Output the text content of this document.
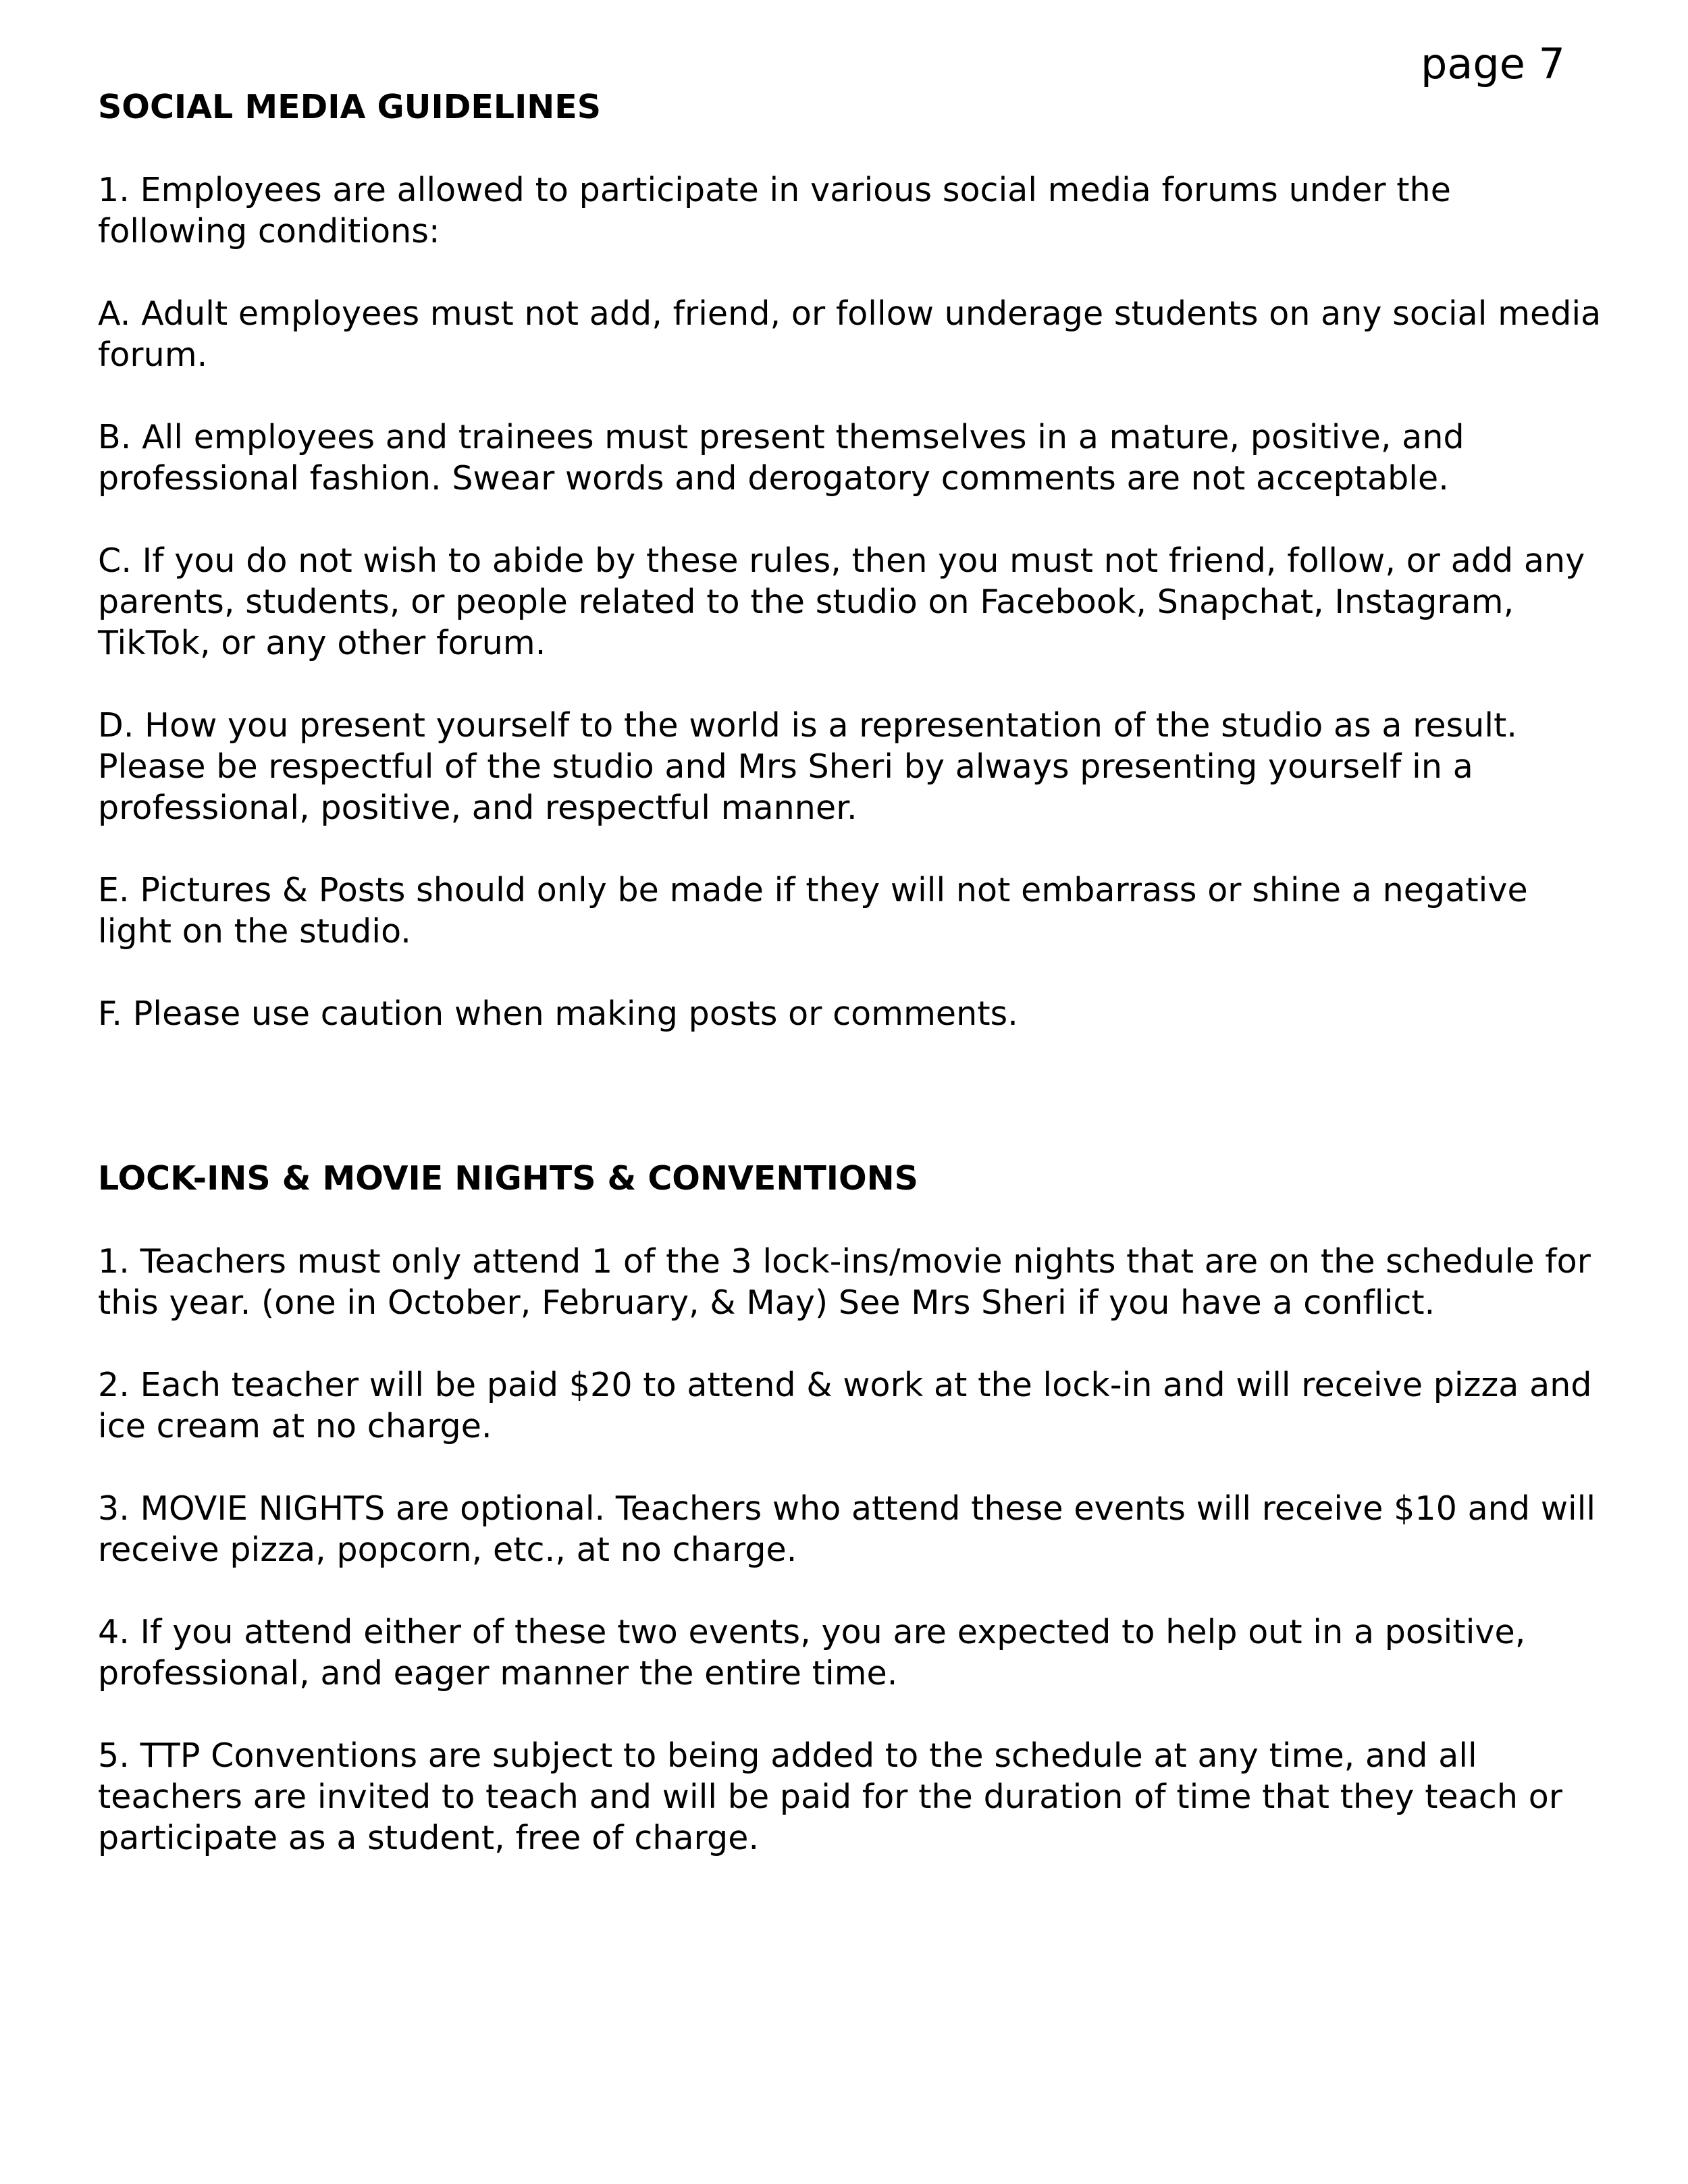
page 7
SOCIAL MEDIA GUIDELINES

1. Employees are allowed to participate in various social media forums under the following conditions:

A. Adult employees must not add, friend, or follow underage students on any social media forum.

B. All employees and trainees must present themselves in a mature, positive, and professional fashion. Swear words and derogatory comments are not acceptable.

C. If you do not wish to abide by these rules, then you must not friend, follow, or add any parents, students, or people related to the studio on Facebook, Snapchat, Instagram, TikTok, or any other forum.

D. How you present yourself to the world is a representation of the studio as a result. Please be respectful of the studio and Mrs Sheri by always presenting yourself in a professional, positive, and respectful manner.

E. Pictures & Posts should only be made if they will not embarrass or shine a negative light on the studio.

F. Please use caution when making posts or comments.

LOCK-INS & MOVIE NIGHTS & CONVENTIONS

1. Teachers must only attend 1 of the 3 lock-ins/movie nights that are on the schedule for this year. (one in October, February, & May) See Mrs Sheri if you have a conflict.

2. Each teacher will be paid $20 to attend & work at the lock-in and will receive pizza and ice cream at no charge.

3. MOVIE NIGHTS are optional. Teachers who attend these events will receive $10 and will receive pizza, popcorn, etc., at no charge.

4. If you attend either of these two events, you are expected to help out in a positive, professional, and eager manner the entire time.

5. TTP Conventions are subject to being added to the schedule at any time, and all teachers are invited to teach and will be paid for the duration of time that they teach or participate as a student, free of charge.
